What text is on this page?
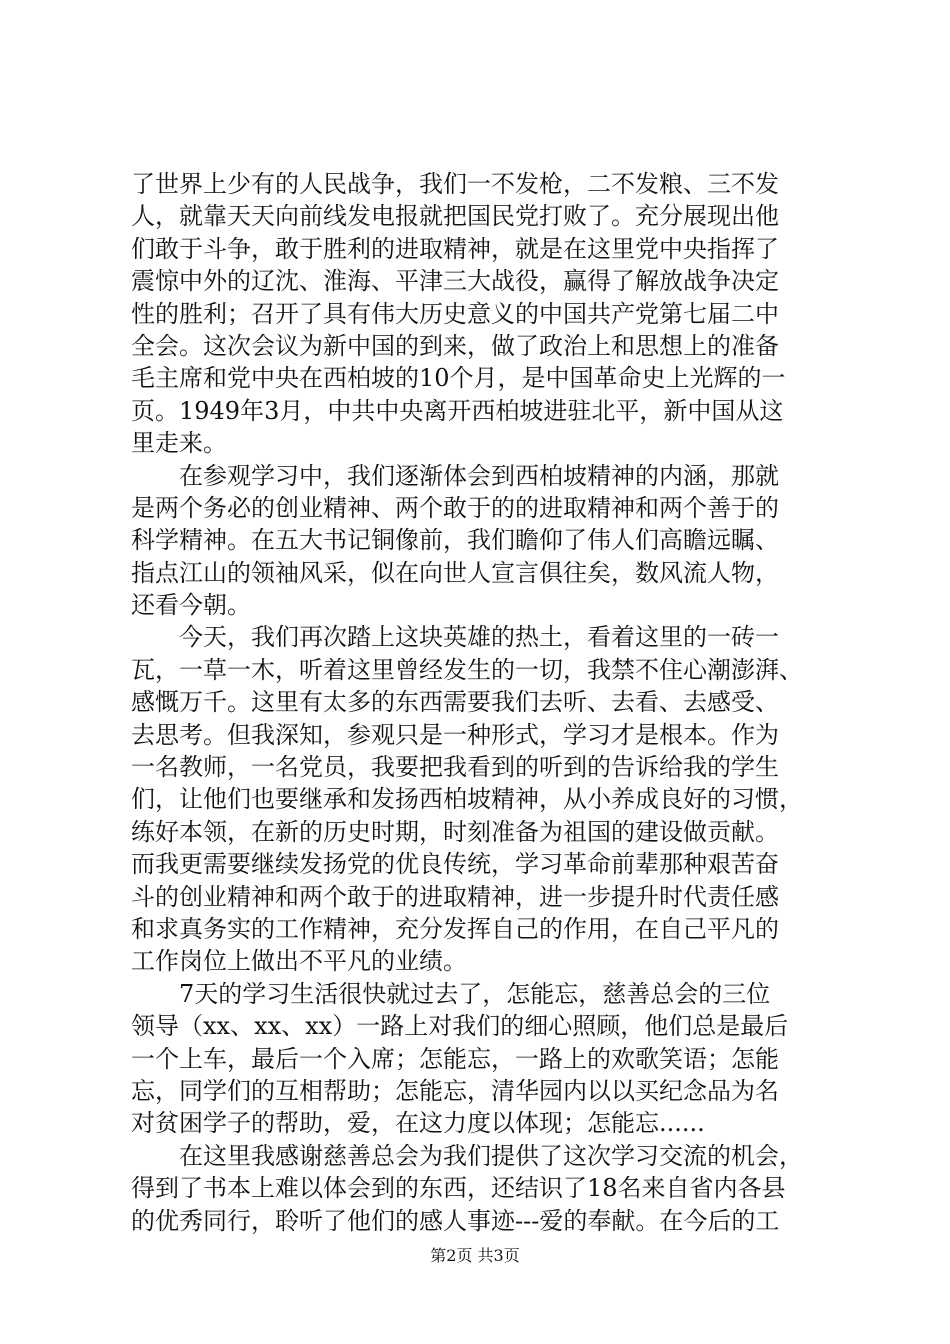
了世界上少有的人民战争，我们一不发枪，二不发粮、三不发
人，就靠天天向前线发电报就把国民党打败了。充分展现出他
们敢于斗争，敢于胜利的进取精神，就是在这里党中央指挥了
震惊中外的辽沈、淮海、平津三大战役，赢得了解放战争决定
性的胜利；召开了具有伟大历史意义的中国共产党第七届二中
全会。这次会议为新中国的到来，做了政治上和思想上的准备
毛主席和党中央在西柏坡的10个月，是中国革命史上光辉的一
页。1949年3月，中共中央离开西柏坡进驻北平，新中国从这
里走来。
在参观学习中，我们逐渐体会到西柏坡精神的内涵，那就
是两个务必的创业精神、两个敢于的的进取精神和两个善于的
科学精神。在五大书记铜像前，我们瞻仰了伟人们高瞻远瞩、
指点江山的领袖风采，似在向世人宣言俱往矣，数风流人物，
还看今朝。
今天，我们再次踏上这块英雄的热土，看着这里的一砖一
瓦，一草一木，听着这里曾经发生的一切，我禁不住心潮澎湃、
感慨万千。这里有太多的东西需要我们去听、去看、去感受、
去思考。但我深知，参观只是一种形式，学习才是根本。作为
一名教师，一名党员，我要把我看到的听到的告诉给我的学生
们，让他们也要继承和发扬西柏坡精神，从小养成良好的习惯，
练好本领，在新的历史时期，时刻准备为祖国的建设做贡献。
而我更需要继续发扬党的优良传统，学习革命前辈那种艰苦奋
斗的创业精神和两个敢于的进取精神，进一步提升时代责任感
和求真务实的工作精神，充分发挥自己的作用，在自己平凡的
工作岗位上做出不平凡的业绩。
7天的学习生活很快就过去了，怎能忘，慈善总会的三位
领导（xx、xx、xx）一路上对我们的细心照顾，他们总是最后
一个上车，最后一个入席；怎能忘，一路上的欢歌笑语；怎能
忘，同学们的互相帮助；怎能忘，清华园内以以买纪念品为名
对贫困学子的帮助，爱，在这力度以体现；怎能忘......
在这里我感谢慈善总会为我们提供了这次学习交流的机会，
得到了书本上难以体会到的东西，还结识了18名来自省内各县
的优秀同行，聆听了他们的感人事迹---爱的奉献。在今后的工
第2页 共3页
